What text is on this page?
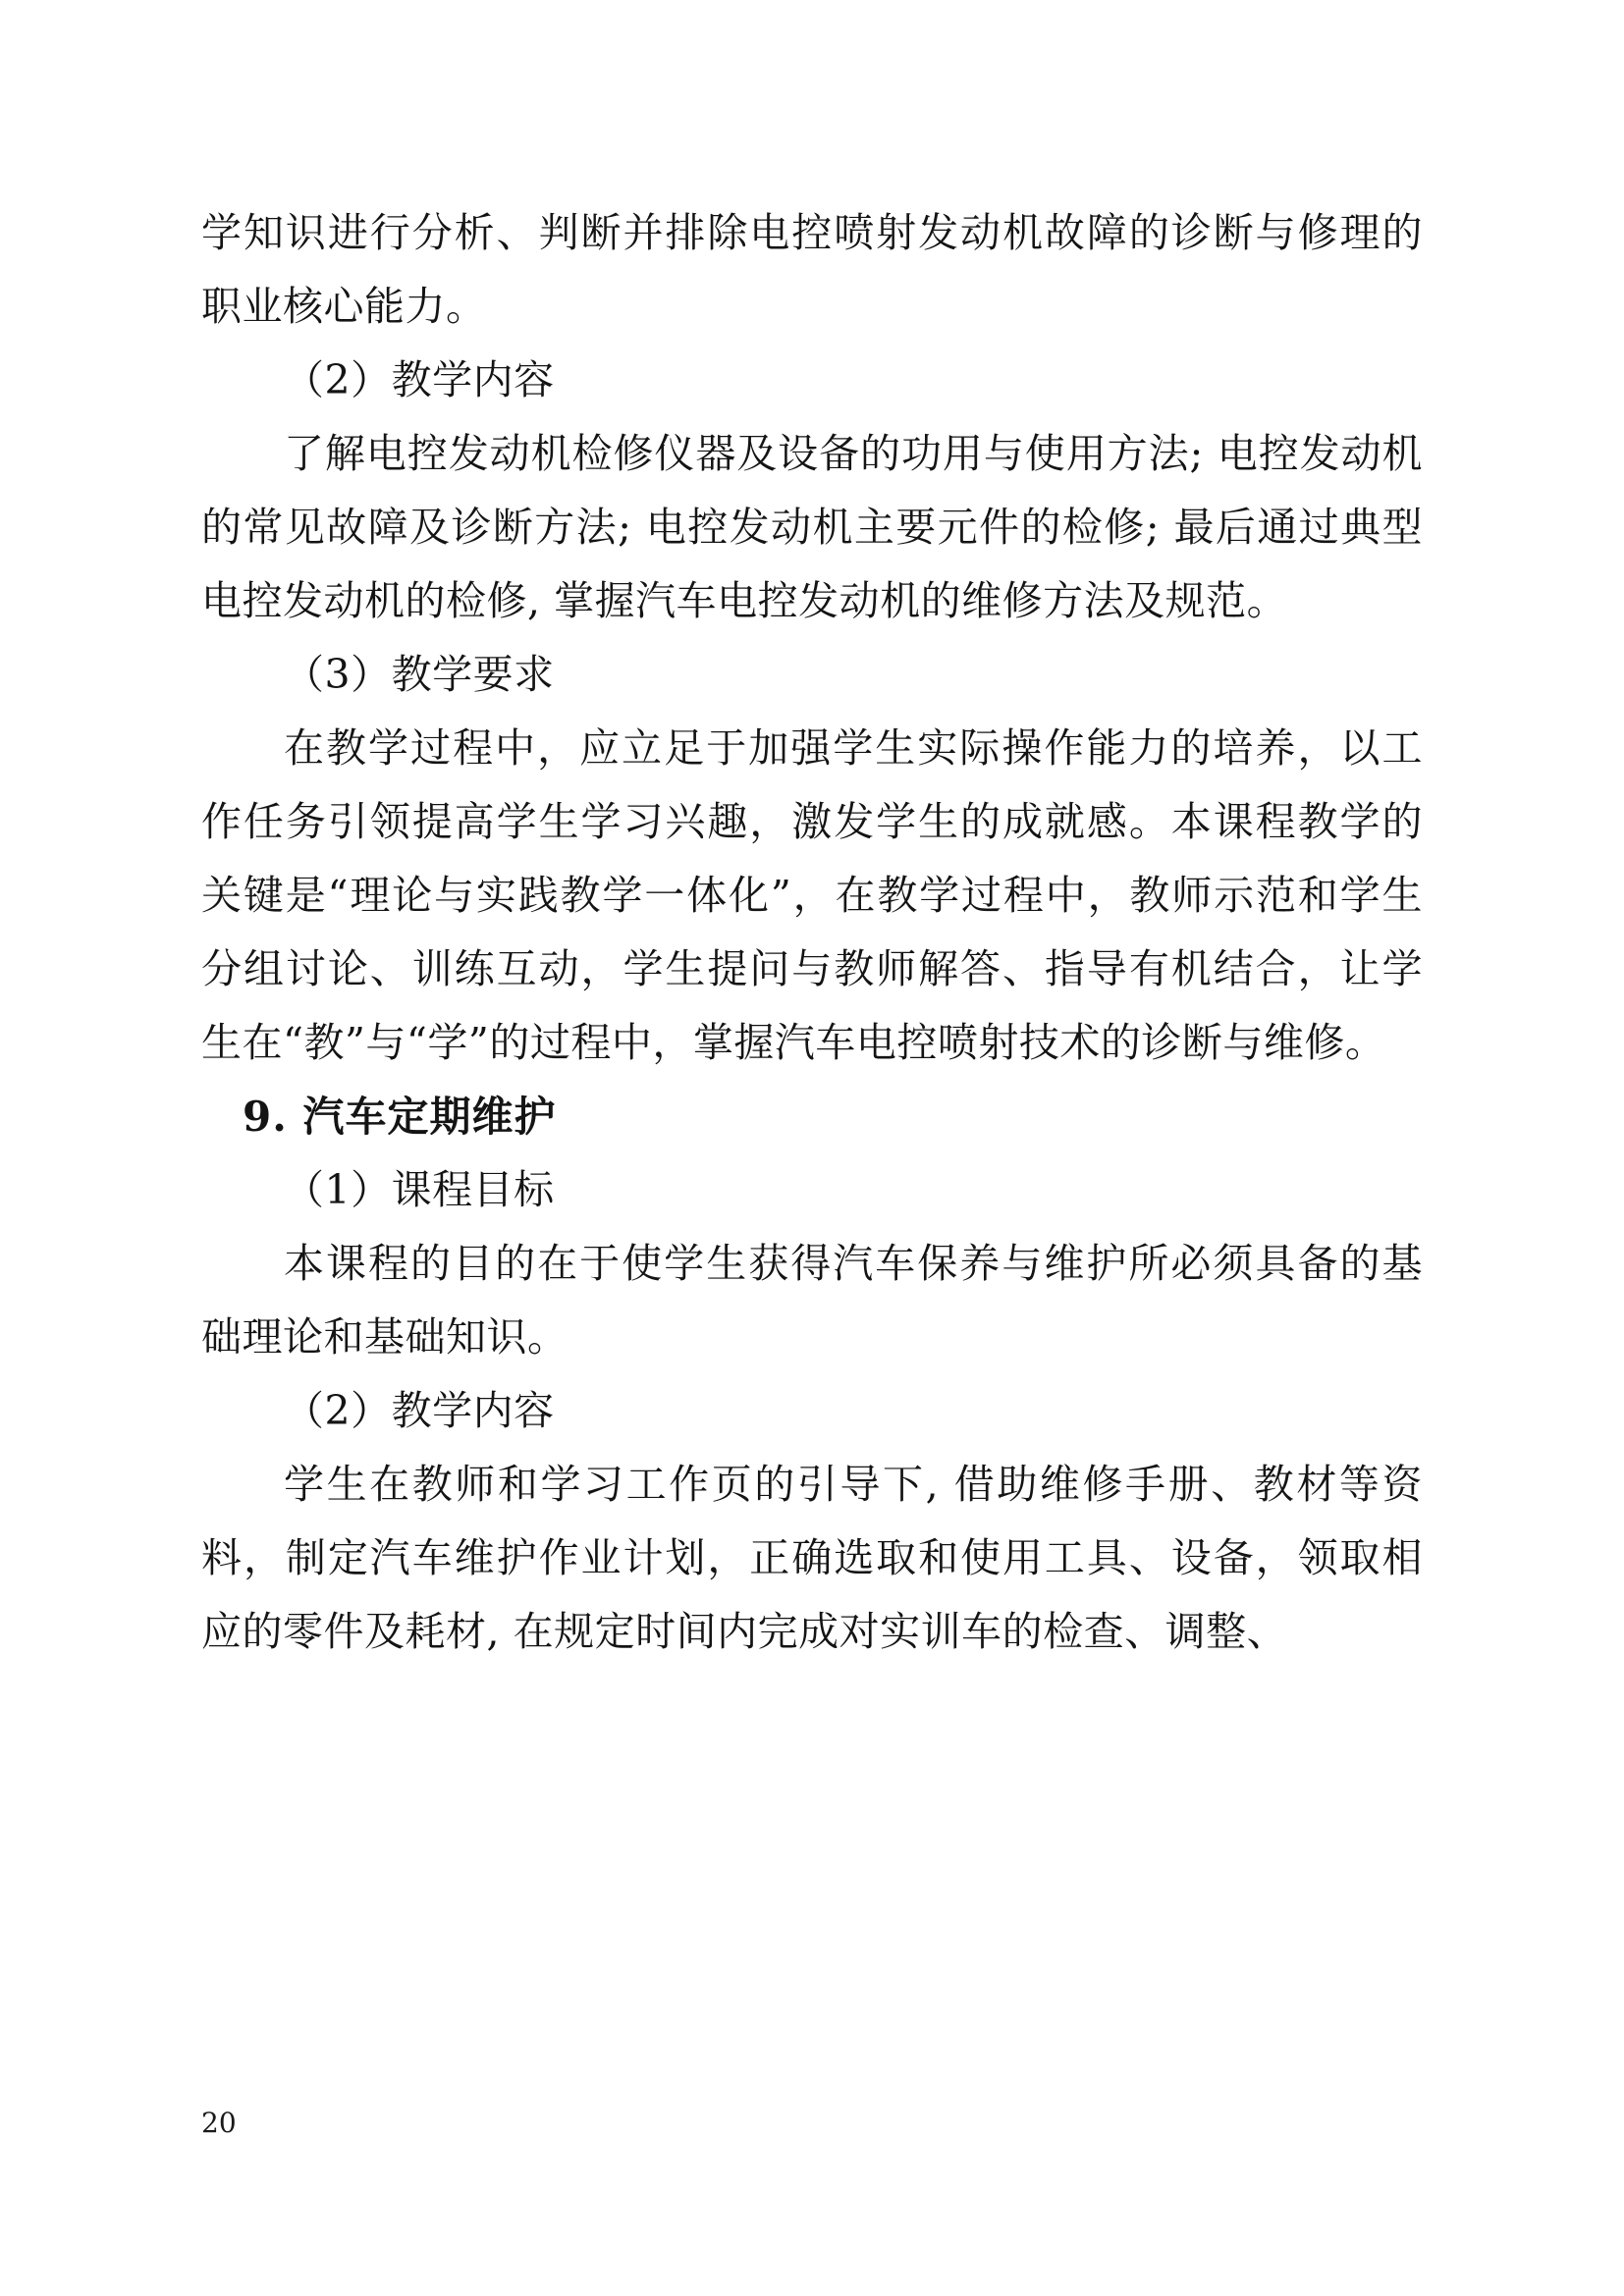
学知识进行分析、判断并排除电控喷射发动机故障的诊断与修理的职业核心能力。

（2）教学内容

了解电控发动机检修仪器及设备的功用与使用方法; 电控发动机的常见故障及诊断方法; 电控发动机主要元件的检修; 最后通过典型电控发动机的检修, 掌握汽车电控发动机的维修方法及规范。

（3）教学要求

在教学过程中，应立足于加强学生实际操作能力的培养，以工作任务引领提高学生学习兴趣，激发学生的成就感。本课程教学的关键是“理论与实践教学一体化”，在教学过程中，教师示范和学生分组讨论、训练互动，学生提问与教师解答、指导有机结合，让学生在“教”与“学”的过程中，掌握汽车电控喷射技术的诊断与维修。

9. 汽车定期维护

（1）课程目标

本课程的目的在于使学生获得汽车保养与维护所必须具备的基础理论和基础知识。

（2）教学内容

学生在教师和学习工作页的引导下, 借助维修手册、教材等资料，制定汽车维护作业计划，正确选取和使用工具、设备，领取相应的零件及耗材, 在规定时间内完成对实训车的检查、调整、

20
